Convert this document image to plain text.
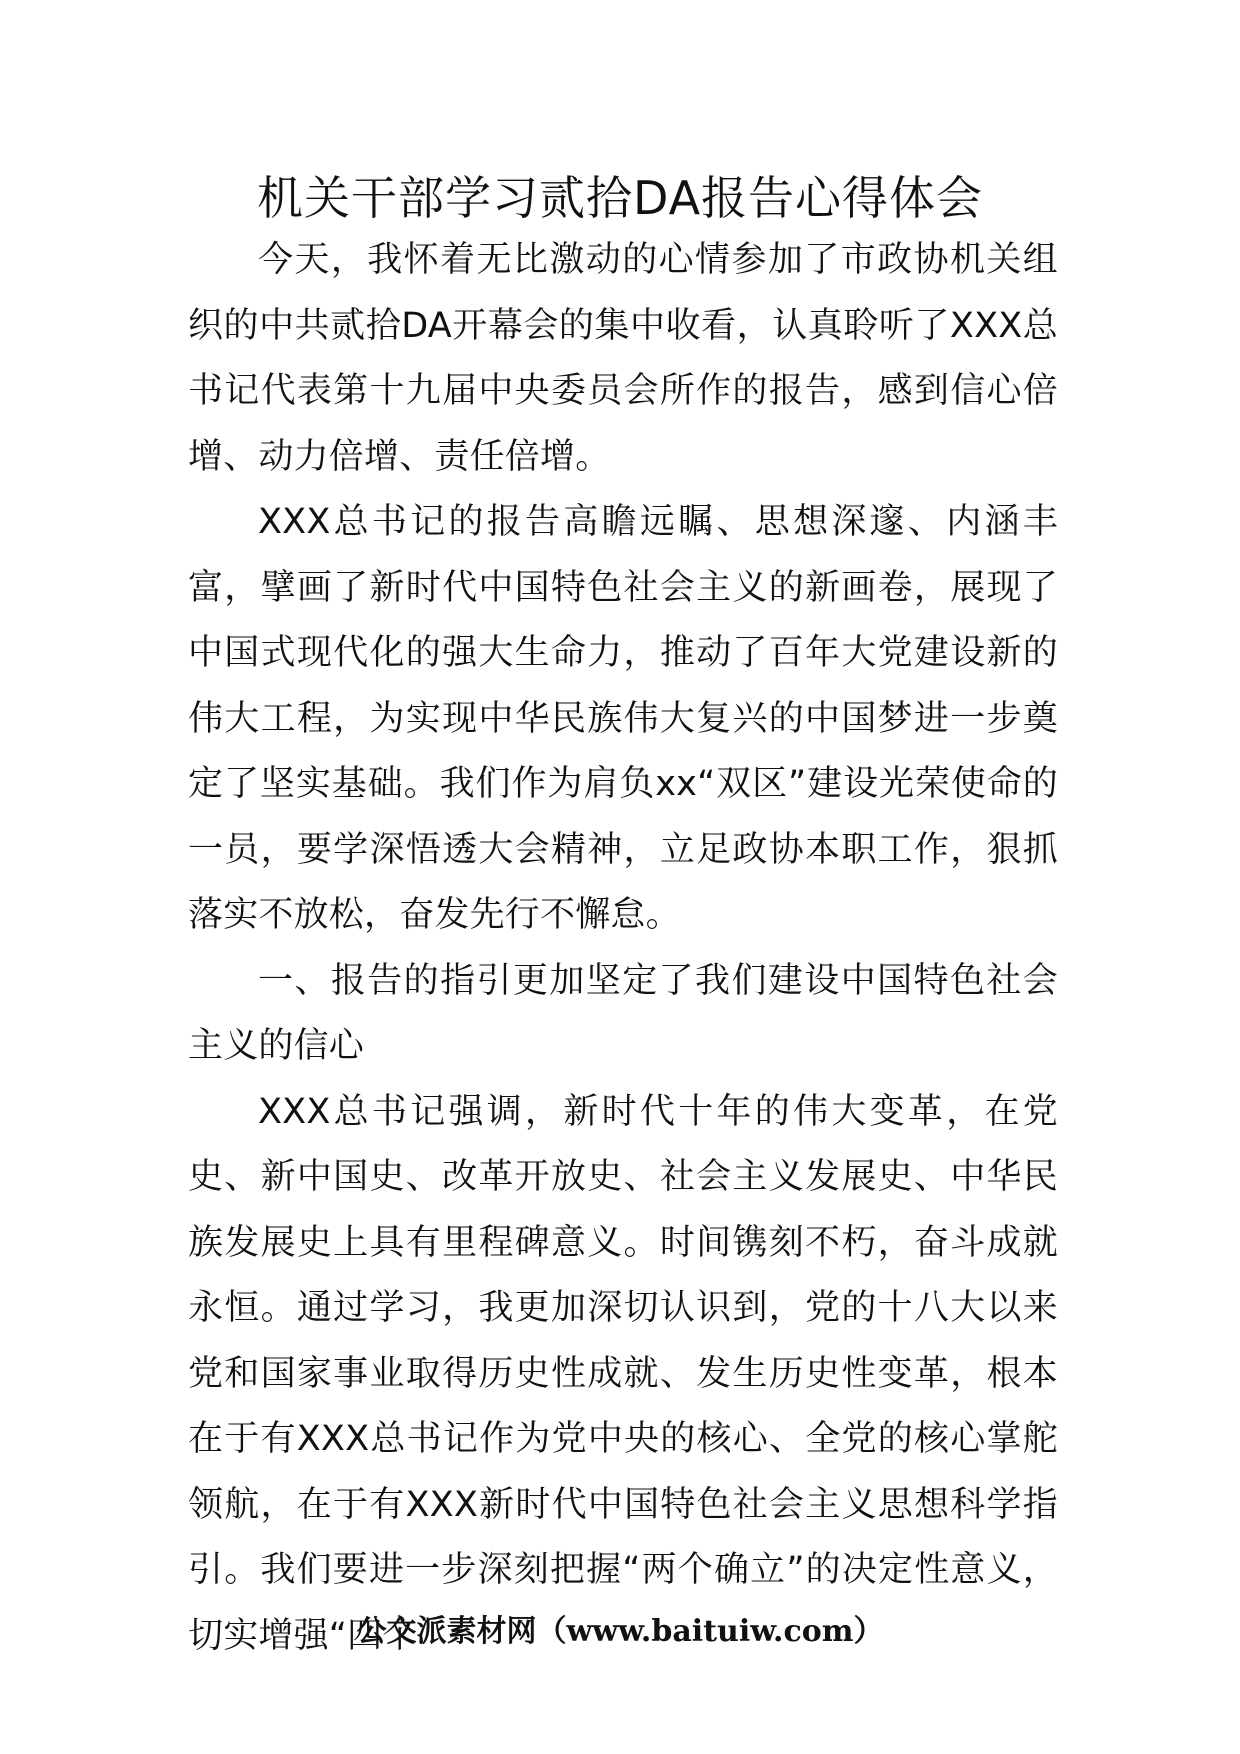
机关干部学习贰拾DA报告心得体会

今天，我怀着无比激动的心情参加了市政协机关组织的中共贰拾DA开幕会的集中收看，认真聆听了XXX总书记代表第十九届中央委员会所作的报告，感到信心倍增、动力倍增、责任倍增。

XXX总书记的报告高瞻远瞩、思想深邃、内涵丰富，擘画了新时代中国特色社会主义的新画卷，展现了中国式现代化的强大生命力，推动了百年大党建设新的伟大工程，为实现中华民族伟大复兴的中国梦进一步奠定了坚实基础。我们作为肩负xx“双区”建设光荣使命的一员，要学深悟透大会精神，立足政协本职工作，狠抓落实不放松，奋发先行不懈怠。

一、报告的指引更加坚定了我们建设中国特色社会主义的信心

XXX总书记强调，新时代十年的伟大变革，在党史、新中国史、改革开放史、社会主义发展史、中华民族发展史上具有里程碑意义。时间镌刻不朽，奋斗成就永恒。通过学习，我更加深切认识到，党的十八大以来党和国家事业取得历史性成就、发生历史性变革，根本在于有XXX总书记作为党中央的核心、全党的核心掌舵领航，在于有XXX新时代中国特色社会主义思想科学指引。我们要进一步深刻把握“两个确立”的决定性意义，切实增强“四个

公文派素材网（www.baituiw.com）
